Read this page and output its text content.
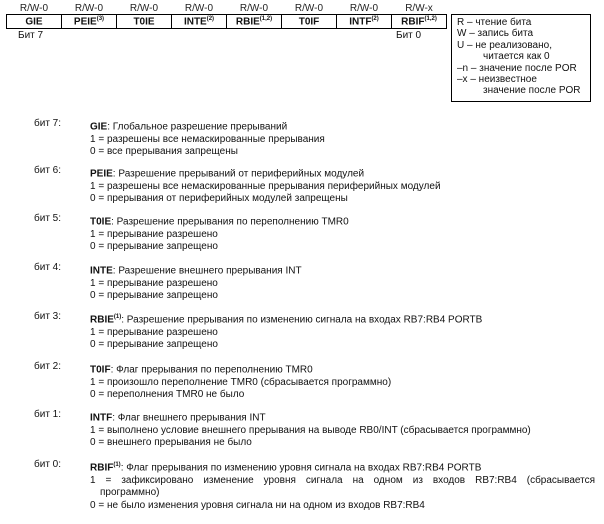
R/W-0	R/W-0	R/W-0	R/W-0	R/W-0	R/W-0	R/W-0	R/W-x
GIE	PEIE$^{(3)}$	T0IE	INTE$^{(2)}$	RBIE$^{(1,2)}$	T0IF	INTF$^{(2)}$	RBIF$^{(1,2)}$
Бит 7	Бит 0
R – чтение бита
W – запись бита
U – не реализовано,
читается как 0
–n – значение после POR
–x – неизвестное
значение после POR
бит 7:	GIE: Глобальное разрешение прерываний
1 = разрешены все немаскированные прерывания
0 = все прерывания запрещены
бит 6:	PEIE: Разрешение прерываний от периферийных модулей
1 = разрешены все немаскированные прерывания периферийных модулей
0 = прерывания от периферийных модулей запрещены
бит 5:	T0IE: Разрешение прерывания по переполнению TMR0
1 = прерывание разрешено
0 = прерывание запрещено
бит 4:	INTE: Разрешение внешнего прерывания INT
1 = прерывание разрешено
0 = прерывание запрещено
бит 3:	RBIE$^{(1)}$: Разрешение прерывания по изменению сигнала на входах RB7:RB4 PORTB
1 = прерывание разрешено
0 = прерывание запрещено
бит 2:	T0IF: Флаг прерывания по переполнению TMR0
1 = произошло переполнение TMR0 (сбрасывается программно)
0 = переполнения TMR0 не было
бит 1:	INTF: Флаг внешнего прерывания INT
1 = выполнено условие внешнего прерывания на выводе RB0/INT (сбрасывается программно)
0 = внешнего прерывания не было
бит 0:	RBIF$^{(1)}$: Флаг прерывания по изменению уровня сигнала на входах RB7:RB4 PORTB
1 = зафиксировано изменение уровня сигнала на одном из входов RB7:RB4 (сбрасывается
программно)
0 = не было изменения уровня сигнала ни на одном из входов RB7:RB4
